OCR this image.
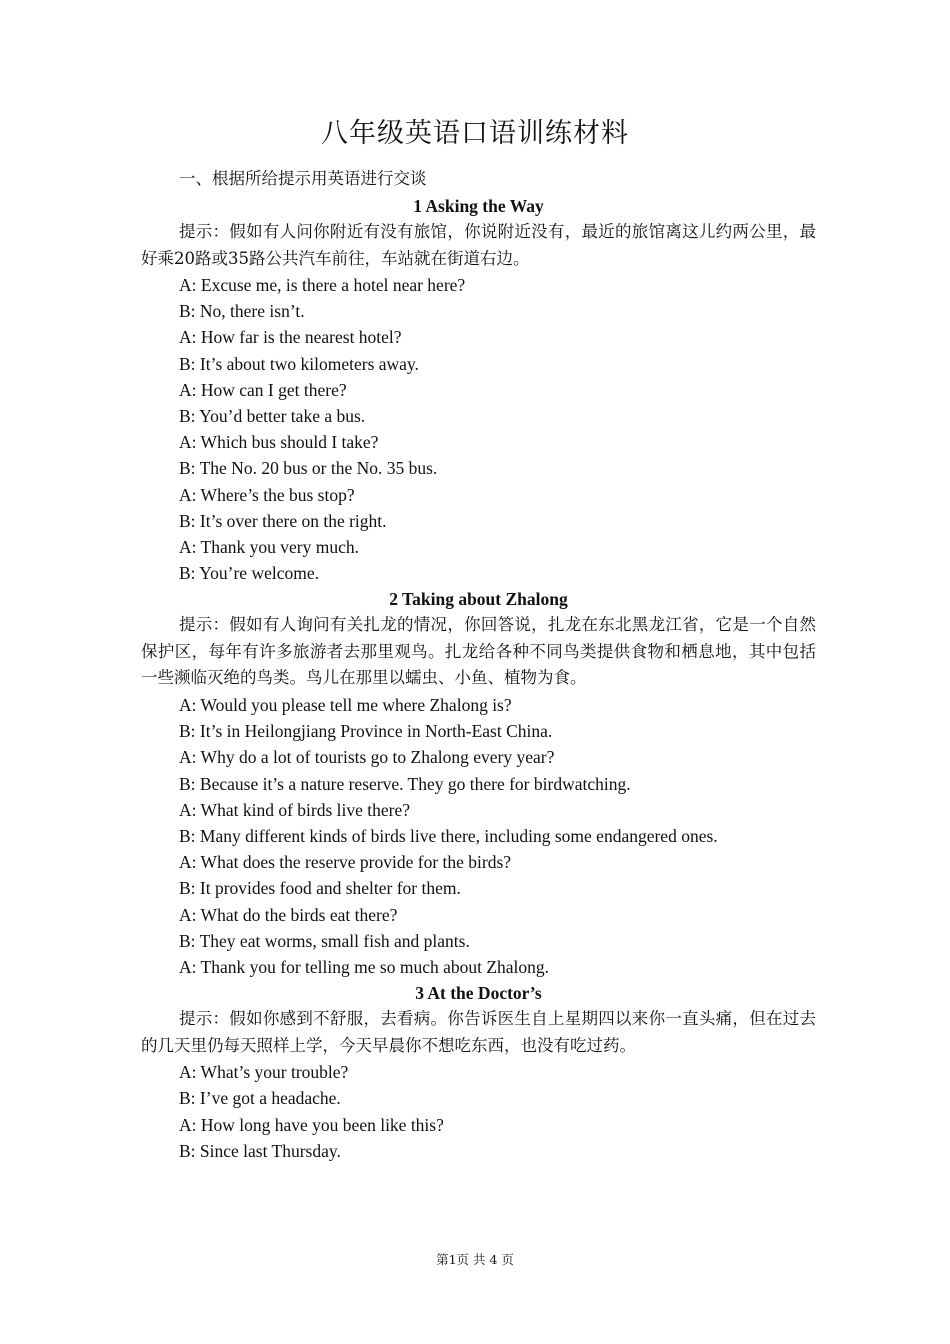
八年级英语口语训练材料
一、根据所给提示用英语进行交谈
1 Asking the Way
提示：假如有人问你附近有没有旅馆，你说附近没有，最近的旅馆离这儿约两公里，最好乘20路或35路公共汽车前往，车站就在街道右边。
A: Excuse me, is there a hotel near here?
B: No, there isn’t.
A: How far is the nearest hotel?
B: It’s about two kilometers away.
A: How can I get there?
B: You’d better take a bus.
A: Which bus should I take?
B: The No. 20 bus or the No. 35 bus.
A: Where’s the bus stop?
B: It’s over there on the right.
A: Thank you very much.
B: You’re welcome.
2 Taking about Zhalong
提示：假如有人询问有关扎龙的情况，你回答说，扎龙在东北黑龙江省，它是一个自然保护区，每年有许多旅游者去那里观鸟。扎龙给各种不同鸟类提供食物和栖息地，其中包括一些濒临灭绝的鸟类。鸟儿在那里以蠕虫、小鱼、植物为食。
A: Would you please tell me where Zhalong is?
B: It’s in Heilongjiang Province in North-East China.
A: Why do a lot of tourists go to Zhalong every year?
B: Because it’s a nature reserve. They go there for birdwatching.
A: What kind of birds live there?
B: Many different kinds of birds live there, including some endangered ones.
A: What does the reserve provide for the birds?
B: It provides food and shelter for them.
A: What do the birds eat there?
B: They eat worms, small fish and plants.
A: Thank you for telling me so much about Zhalong.
3 At the Doctor’s
提示：假如你感到不舒服，去看病。你告诉医生自上星期四以来你一直头痛，但在过去的几天里仍每天照样上学，今天早晨你不想吃东西，也没有吃过药。
A: What’s your trouble?
B: I’ve got a headache.
A: How long have you been like this?
B: Since last Thursday.
第1页 共 4 页
